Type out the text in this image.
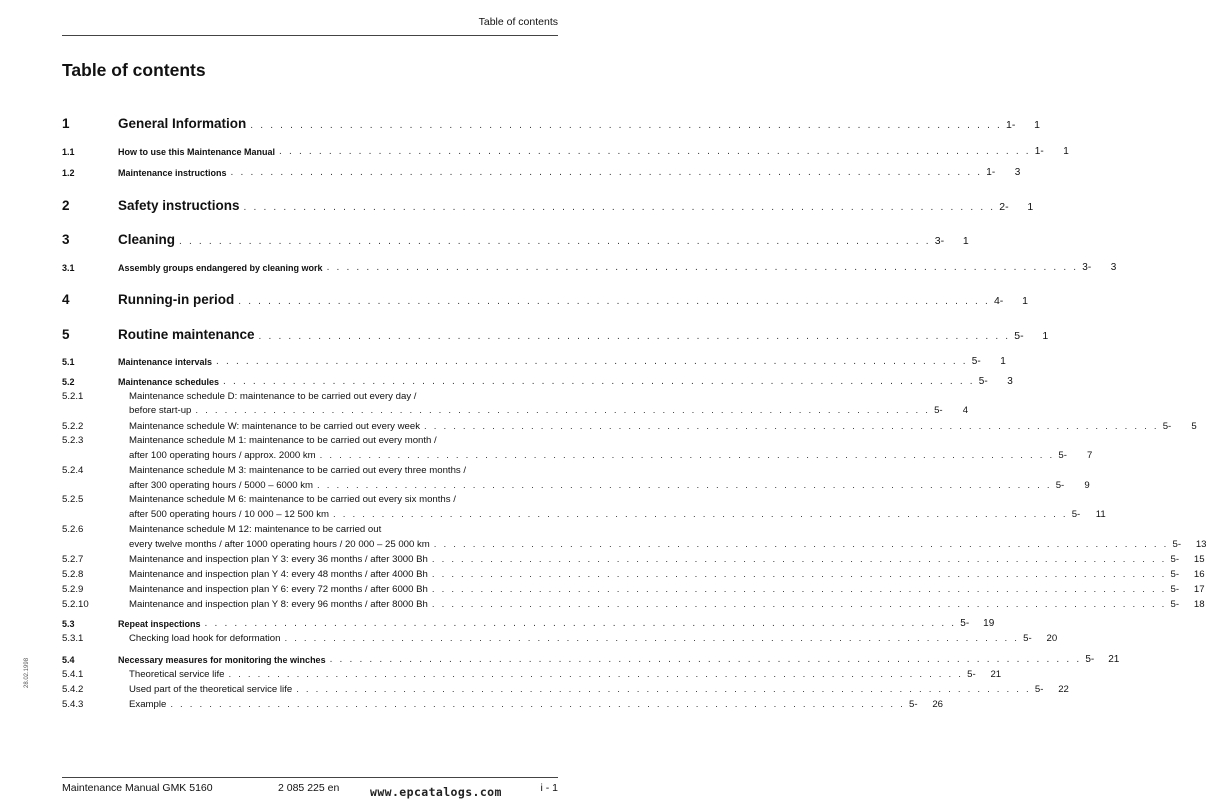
Table of contents
Table of contents
1	General Information . . . . . . . . . . . . . . . . . . . . . . . . . . . . . . . . . . . . . . . . . . . . . . . . . . . . . . . . . . . . . . . . . . . . . . . . . . . . 1-	1
1.1	How to use this Maintenance Manual . . . . . . . . . . . . . . . . . . . . . . . . . . . . . . . . . . . . . . . . . . . . . . . . . . . . . . . . . . . . . . . . . . . . . . . . . . . . 1-	1
1.2	Maintenance instructions . . . . . . . . . . . . . . . . . . . . . . . . . . . . . . . . . . . . . . . . . . . . . . . . . . . . . . . . . . . . . . . . . . . . . . . . . . . . 1-	3
2	Safety instructions . . . . . . . . . . . . . . . . . . . . . . . . . . . . . . . . . . . . . . . . . . . . . . . . . . . . . . . . . . . . . . . . . . . . . . . . . . . . 2-	1
3	Cleaning . . . . . . . . . . . . . . . . . . . . . . . . . . . . . . . . . . . . . . . . . . . . . . . . . . . . . . . . . . . . . . . . . . . . . . . . . . . . 3-	1
3.1	Assembly groups endangered by cleaning work . . . . . . . . . . . . . . . . . . . . . . . . . . . . . . . . . . . . . . . . . . . . . . . . . . . . . . . . . . . . . . . . . . . . . . . . . . . . 3-	3
4	Running-in period . . . . . . . . . . . . . . . . . . . . . . . . . . . . . . . . . . . . . . . . . . . . . . . . . . . . . . . . . . . . . . . . . . . . . . . . . . . . 4-	1
5	Routine maintenance . . . . . . . . . . . . . . . . . . . . . . . . . . . . . . . . . . . . . . . . . . . . . . . . . . . . . . . . . . . . . . . . . . . . . . . . . . . . 5-	1
5.1	Maintenance intervals . . . . . . . . . . . . . . . . . . . . . . . . . . . . . . . . . . . . . . . . . . . . . . . . . . . . . . . . . . . . . . . . . . . . . . . . . . . . 5-	1
5.2	Maintenance schedules . . . . . . . . . . . . . . . . . . . . . . . . . . . . . . . . . . . . . . . . . . . . . . . . . . . . . . . . . . . . . . . . . . . . . . . . . . . . 5-	3
5.2.1	Maintenance schedule D: maintenance to be carried out every day /
before start-up . . . . . . . . . . . . . . . . . . . . . . . . . . . . . . . . . . . . . . . . . . . . . . . . . . . . . . . . . . . . . . . . . . . . . . . . . . . . 5-	4
5.2.2	Maintenance schedule W: maintenance to be carried out every week . . . . . . . . . . . . . . . . . . . . . . . . . . . . . . . . . . . . . . . . . . . . . . . . . . . . . . . . . . . . . . . . . . . . . . . . . . . . 5-	5
5.2.3	Maintenance schedule M 1: maintenance to be carried out every month /
after 100 operating hours / approx. 2000 km . . . . . . . . . . . . . . . . . . . . . . . . . . . . . . . . . . . . . . . . . . . . . . . . . . . . . . . . . . . . . . . . . . . . . . . . . . . . 5-	7
5.2.4	Maintenance schedule M 3: maintenance to be carried out every three months /
after 300 operating hours / 5000 – 6000 km . . . . . . . . . . . . . . . . . . . . . . . . . . . . . . . . . . . . . . . . . . . . . . . . . . . . . . . . . . . . . . . . . . . . . . . . . . . . 5-	9
5.2.5	Maintenance schedule M 6: maintenance to be carried out every six months /
after 500 operating hours / 10 000 – 12 500 km . . . . . . . . . . . . . . . . . . . . . . . . . . . . . . . . . . . . . . . . . . . . . . . . . . . . . . . . . . . . . . . . . . . . . . . . . . . . 5-	11
5.2.6	Maintenance schedule M 12: maintenance to be carried out
every twelve months / after 1000 operating hours / 20 000 – 25 000 km . . . . . . . . . . . . . . . . . . . . . . . . . . . . . . . . . . . . . . . . . . . . . . . . . . . . . . . . . . . . . . . . . . . . . . . . . . . . 5-	13
5.2.7	Maintenance and inspection plan Y 3: every 36 months / after 3000 Bh . . . . . . . . . . . . . . . . . . . . . . . . . . . . . . . . . . . . . . . . . . . . . . . . . . . . . . . . . . . . . . . . . . . . . . . . . . . . 5-	15
5.2.8	Maintenance and inspection plan Y 4: every 48 months / after 4000 Bh . . . . . . . . . . . . . . . . . . . . . . . . . . . . . . . . . . . . . . . . . . . . . . . . . . . . . . . . . . . . . . . . . . . . . . . . . . . . 5-	16
5.2.9	Maintenance and inspection plan Y 6: every 72 months / after 6000 Bh . . . . . . . . . . . . . . . . . . . . . . . . . . . . . . . . . . . . . . . . . . . . . . . . . . . . . . . . . . . . . . . . . . . . . . . . . . . . 5-	17
5.2.10	Maintenance and inspection plan Y 8: every 96 months / after 8000 Bh . . . . . . . . . . . . . . . . . . . . . . . . . . . . . . . . . . . . . . . . . . . . . . . . . . . . . . . . . . . . . . . . . . . . . . . . . . . . 5-	18
5.3	Repeat inspections . . . . . . . . . . . . . . . . . . . . . . . . . . . . . . . . . . . . . . . . . . . . . . . . . . . . . . . . . . . . . . . . . . . . . . . . . . . . 5-	19
5.3.1	Checking load hook for deformation . . . . . . . . . . . . . . . . . . . . . . . . . . . . . . . . . . . . . . . . . . . . . . . . . . . . . . . . . . . . . . . . . . . . . . . . . . . . 5-	20
5.4	Necessary measures for monitoring the winches . . . . . . . . . . . . . . . . . . . . . . . . . . . . . . . . . . . . . . . . . . . . . . . . . . . . . . . . . . . . . . . . . . . . . . . . . . . . 5-	21
5.4.1	Theoretical service life . . . . . . . . . . . . . . . . . . . . . . . . . . . . . . . . . . . . . . . . . . . . . . . . . . . . . . . . . . . . . . . . . . . . . . . . . . . . 5-	21
5.4.2	Used part of the theoretical service life . . . . . . . . . . . . . . . . . . . . . . . . . . . . . . . . . . . . . . . . . . . . . . . . . . . . . . . . . . . . . . . . . . . . . . . . . . . . 5-	22
5.4.3	Example . . . . . . . . . . . . . . . . . . . . . . . . . . . . . . . . . . . . . . . . . . . . . . . . . . . . . . . . . . . . . . . . . . . . . . . . . . . . 5-	26
28.02.1998
Maintenance Manual GMK 5160	2 085 225 en	www.epcatalogs.com	i - 1
